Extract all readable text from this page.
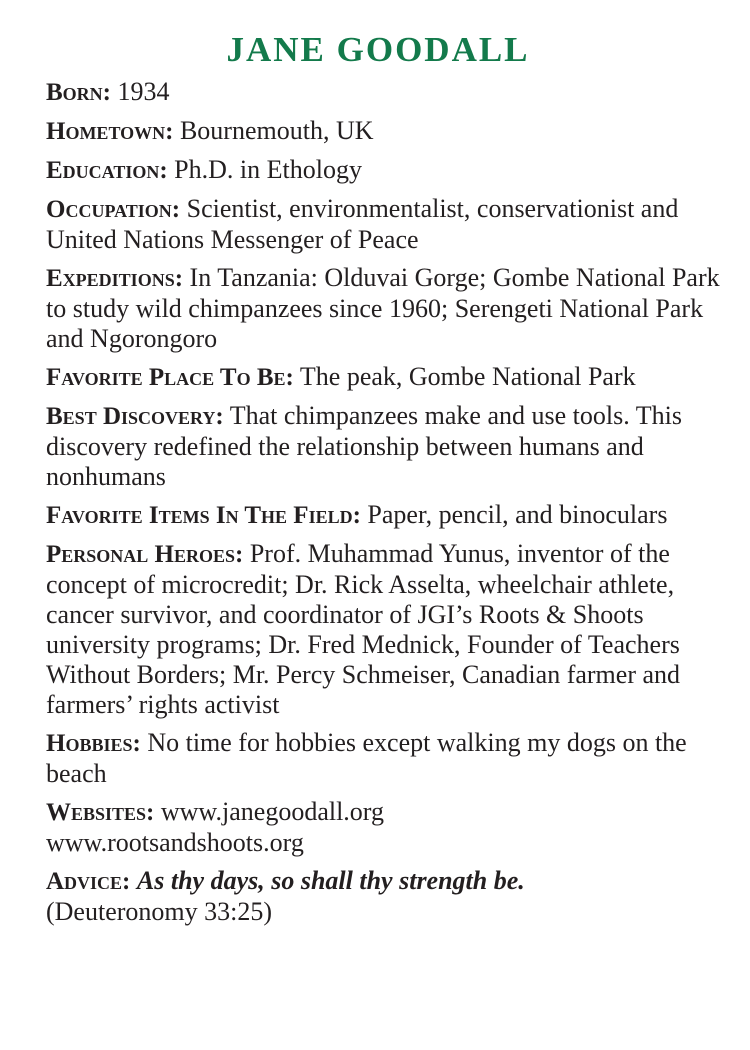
JANE GOODALL

Born: 1934

Hometown: Bournemouth, UK

Education: Ph.D. in Ethology

Occupation: Scientist, environmentalist, conservationist and United Nations Messenger of Peace

Expeditions: In Tanzania: Olduvai Gorge; Gombe National Park to study wild chimpanzees since 1960; Serengeti National Park and Ngorongoro

Favorite Place To Be: The peak, Gombe National Park

Best Discovery: That chimpanzees make and use tools. This discovery redefined the relationship between humans and nonhumans

Favorite Items In The Field: Paper, pencil, and binoculars

Personal Heroes: Prof. Muhammad Yunus, inventor of the concept of microcredit; Dr. Rick Asselta, wheelchair athlete, cancer survivor, and coordinator of JGI’s Roots & Shoots university programs; Dr. Fred Mednick, Founder of Teachers Without Borders; Mr. Percy Schmeiser, Canadian farmer and farmers’ rights activist

Hobbies: No time for hobbies except walking my dogs on the beach

Websites: www.janegoodall.org
www.rootsandshoots.org

Advice: As thy days, so shall thy strength be.
(Deuteronomy 33:25)
